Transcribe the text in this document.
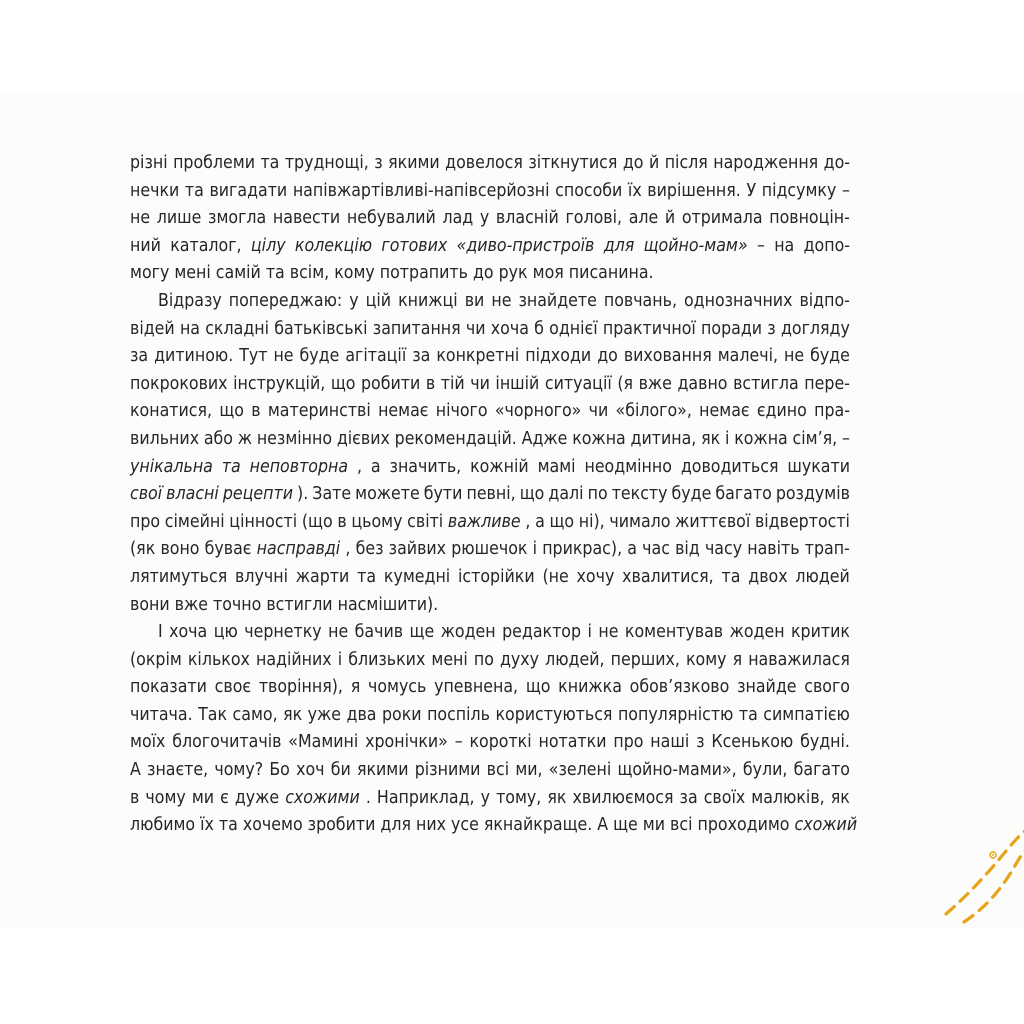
різні проблеми та труднощі, з якими довелося зіткнутися до й після народження до-
нечки та вигадати напівжартівливі-напівсерйозні способи їх вирішення. У підсумку –
не лише змогла навести небувалий лад у власній голові, але й отримала повноцін-
ний каталог, цілу колекцію готових «диво-пристроїв для щойно-мам» – на допо-
могу мені самій та всім, кому потрапить до рук моя писанина.
Відразу попереджаю: у цій книжці ви не знайдете повчань, однозначних відпо-
відей на складні батьківські запитання чи хоча б однієї практичної поради з догляду
за дитиною. Тут не буде агітації за конкретні підходи до виховання малечі, не буде
покрокових інструкцій, що робити в тій чи іншій ситуації (я вже давно встигла пере-
конатися, що в материнстві немає нічого «чорного» чи «білого», немає єдино пра-
вильних або ж незмінно дієвих рекомендацій. Адже кожна дитина, як і кожна сім’я, –
унікальна та неповторна , а значить, кожній мамі неодмінно доводиться шукати
свої власні рецепти ). Зате можете бути певні, що далі по тексту буде багато роздумів
про сімейні цінності (що в цьому світі важливе , а що ні), чимало життєвої відвертості
(як воно буває насправді , без зайвих рюшечок і прикрас), а час від часу навіть трап-
лятимуться влучні жарти та кумедні історійки (не хочу хвалитися, та двох людей
вони вже точно встигли насмішити).
І хоча цю чернетку не бачив ще жоден редактор і не коментував жоден критик
(окрім кількох надійних і близьких мені по духу людей, перших, кому я наважилася
показати своє творіння), я чомусь упевнена, що книжка обов’язково знайде свого
читача. Так само, як уже два роки поспіль користуються популярністю та симпатією
моїх блогочитачів «Мамині хронічки» – короткі нотатки про наші з Ксенькою будні.
А знаєте, чому? Бо хоч би якими різними всі ми, «зелені щойно-мами», були, багато
в чому ми є дуже схожими . Наприклад, у тому, як хвилюємося за своїх малюків, як
любимо їх та хочемо зробити для них усе якнайкраще. А ще ми всі проходимо схожий
